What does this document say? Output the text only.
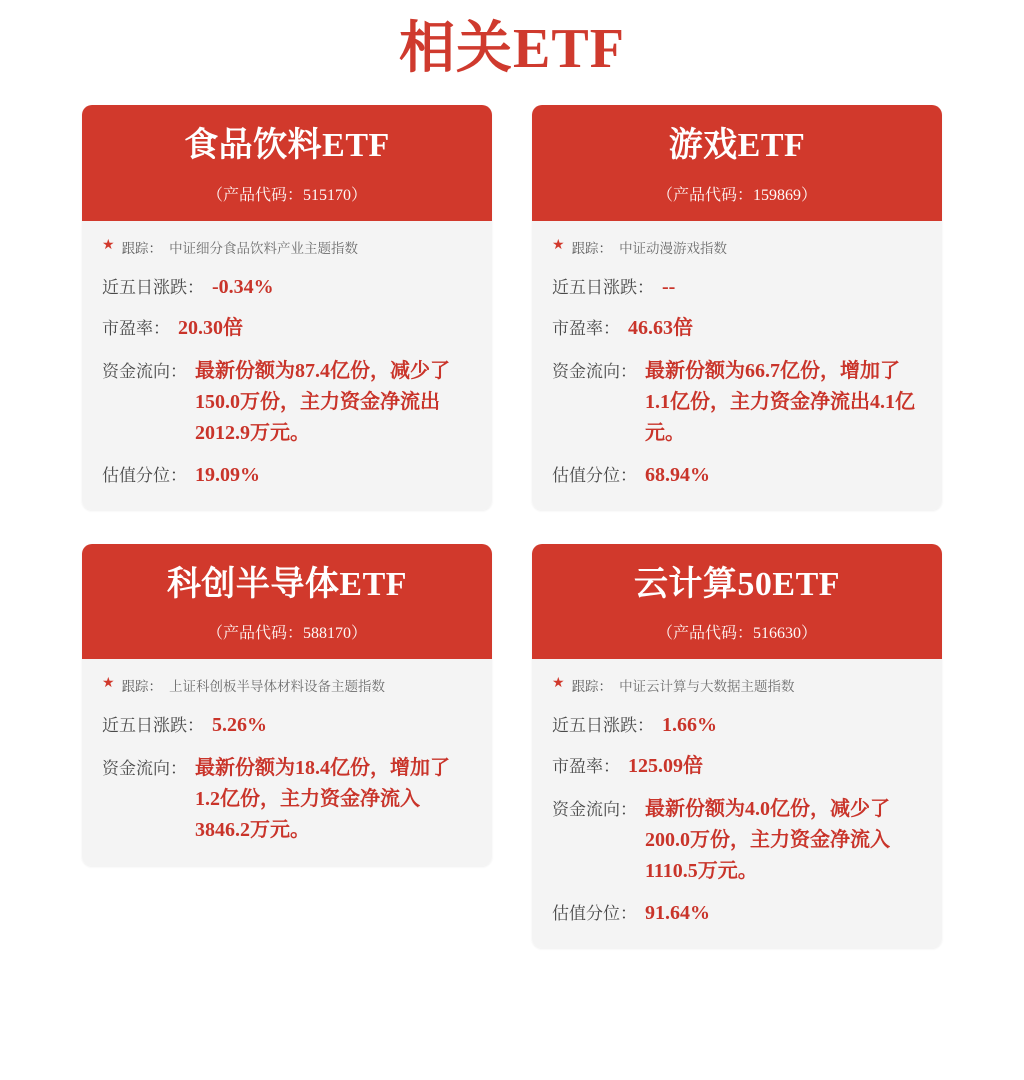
相关ETF
食品饮料ETF
（产品代码：515170）
★ 跟踪： 中证细分食品饮料产业主题指数
近五日涨跌： -0.34%
市盈率： 20.30倍
资金流向： 最新份额为87.4亿份，减少了150.0万份，主力资金净流出2012.9万元。
估值分位： 19.09%
游戏ETF
（产品代码：159869）
★ 跟踪： 中证动漫游戏指数
近五日涨跌： --
市盈率： 46.63倍
资金流向： 最新份额为66.7亿份，增加了1.1亿份，主力资金净流出4.1亿元。
估值分位： 68.94%
科创半导体ETF
（产品代码：588170）
★ 跟踪： 上证科创板半导体材料设备主题指数
近五日涨跌： 5.26%
资金流向： 最新份额为18.4亿份，增加了1.2亿份，主力资金净流入3846.2万元。
云计算50ETF
（产品代码：516630）
★ 跟踪： 中证云计算与大数据主题指数
近五日涨跌： 1.66%
市盈率： 125.09倍
资金流向： 最新份额为4.0亿份，减少了200.0万份，主力资金净流入1110.5万元。
估值分位： 91.64%
